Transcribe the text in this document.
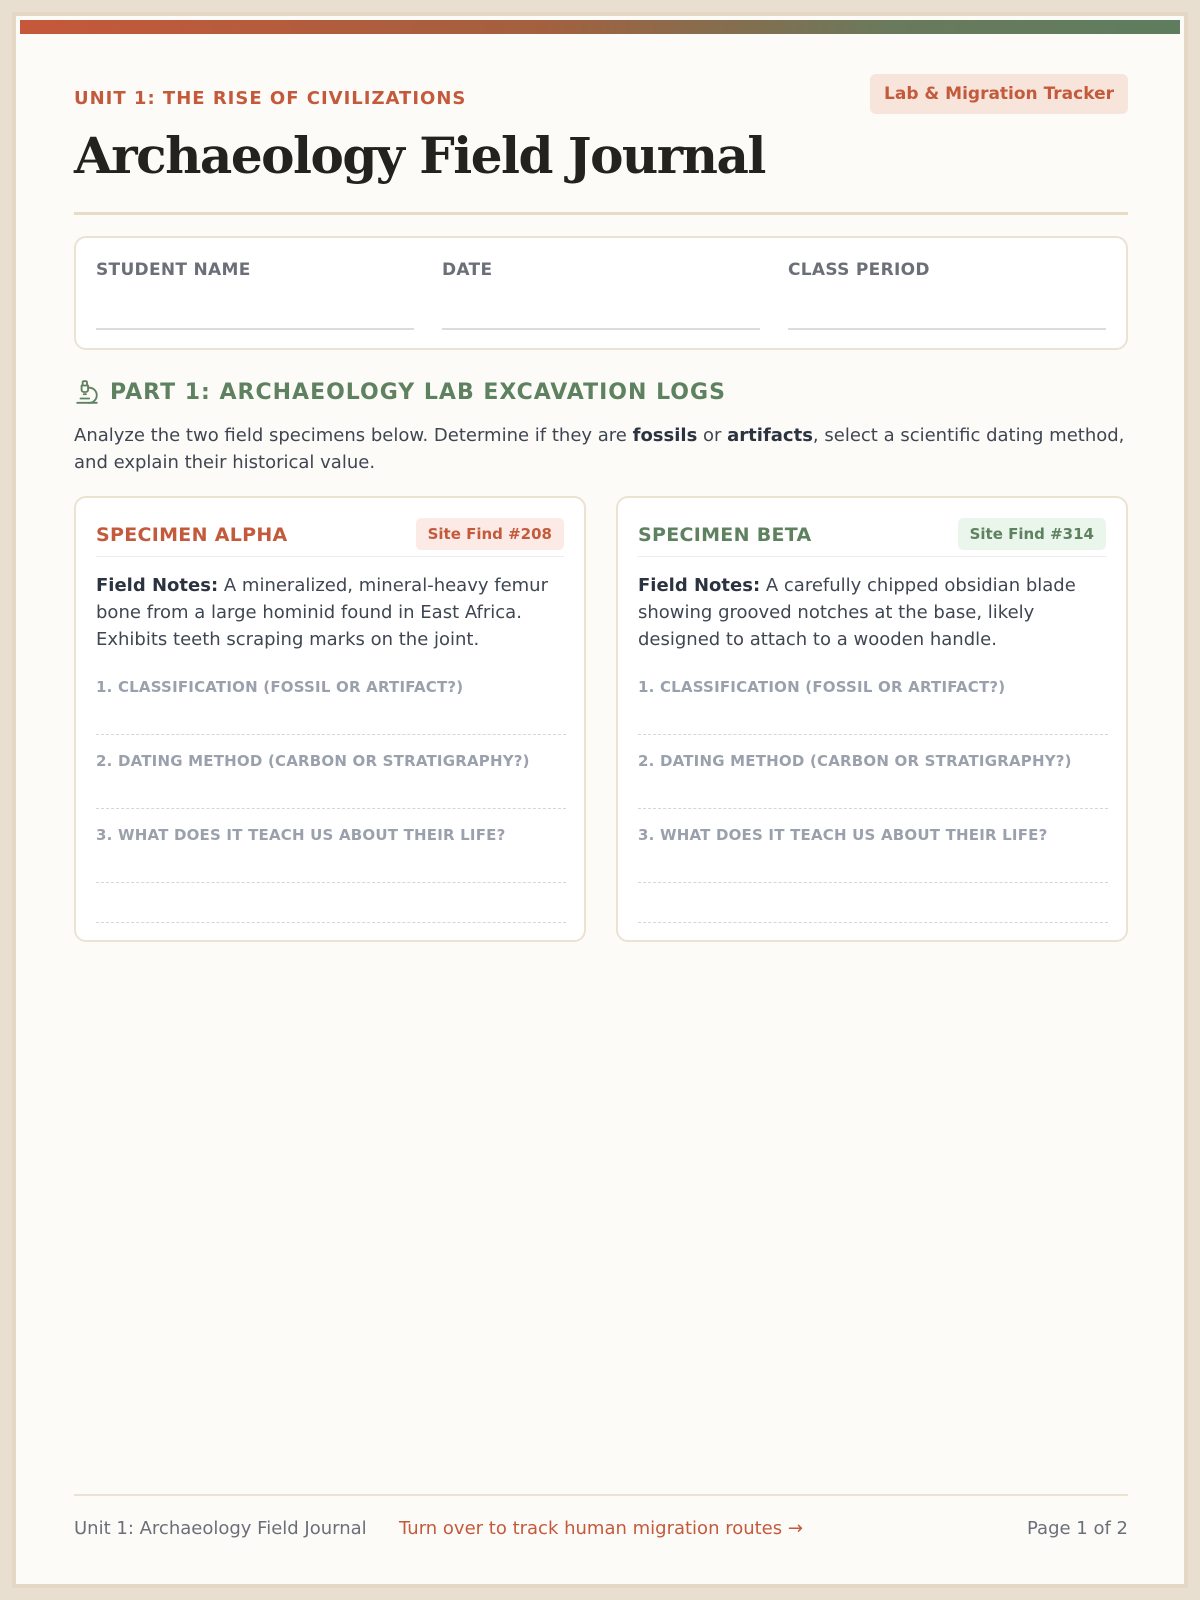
UNIT 1: THE RISE OF CIVILIZATIONS	Lab & Migration Tracker
Archaeology Field Journal
STUDENT NAME	DATE	CLASS PERIOD
PART 1: ARCHAEOLOGY LAB EXCAVATION LOGS
Analyze the two field specimens below. Determine if they are fossils or artifacts, select a scientific dating method, and explain their historical value.
SPECIMEN ALPHA	Site Find #208
Field Notes: A mineralized, mineral-heavy femur bone from a large hominid found in East Africa. Exhibits teeth scraping marks on the joint.
1. CLASSIFICATION (FOSSIL OR ARTIFACT?)
2. DATING METHOD (CARBON OR STRATIGRAPHY?)
3. WHAT DOES IT TEACH US ABOUT THEIR LIFE?
SPECIMEN BETA	Site Find #314
Field Notes: A carefully chipped obsidian blade showing grooved notches at the base, likely designed to attach to a wooden handle.
1. CLASSIFICATION (FOSSIL OR ARTIFACT?)
2. DATING METHOD (CARBON OR STRATIGRAPHY?)
3. WHAT DOES IT TEACH US ABOUT THEIR LIFE?
Unit 1: Archaeology Field Journal	Turn over to track human migration routes →	Page 1 of 2
